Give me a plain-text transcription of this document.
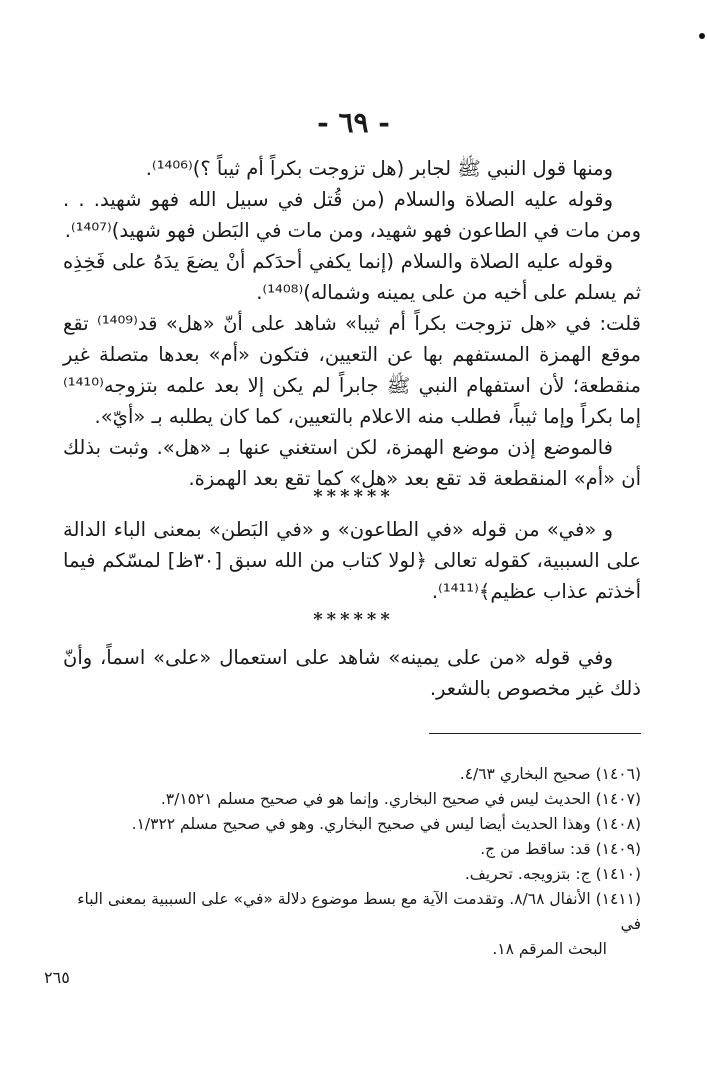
- ٦٩ -

ومنها قول النبي ﷺ لجابر (هل تزوجت بكراً أم ثيباً ؟)⁽¹⁴⁰⁶⁾.

وقوله عليه الصلاة والسلام (من قُتل في سبيل الله فهو شهيد. . . ومن مات في الطاعون فهو شهيد، ومن مات في البَطن فهو شهيد)⁽¹⁴⁰⁷⁾.

وقوله عليه الصلاة والسلام (إنما يكفي أحدَكم أنْ يضعَ يدَهُ على فَخِذِه ثم يسلم على أخيه من على يمينه وشماله)⁽¹⁴⁰⁸⁾.

قلت: في «هل تزوجت بكراً أم ثيبا» شاهد على أنّ «هل» قد⁽¹⁴⁰⁹⁾ تقع موقع الهمزة المستفهم بها عن التعيين، فتكون «أم» بعدها متصلة غير منقطعة؛ لأن استفهام النبي ﷺ جابراً لم يكن إلا بعد علمه بتزوجه⁽¹⁴¹⁰⁾ إما بكراً وإما ثيباً، فطلب منه الاعلام بالتعيين، كما كان يطلبه بـ «أيّ».

فالموضع إذن موضع الهمزة، لكن استغني عنها بـ «هل». وثبت بذلك أن «أم» المنقطعة قد تقع بعد «هل» كما تقع بعد الهمزة.

******

و «في» من قوله «في الطاعون» و «في البَطن» بمعنى الباء الدالة على السببية، كقوله تعالى ﴿لولا كتاب من الله سبق [٣٠ظ] لمسّكم فيما أخذتم عذاب عظيم﴾⁽¹⁴¹¹⁾.

******

وفي قوله «من على يمينه» شاهد على استعمال «على» اسماً، وأنّ ذلك غير مخصوص بالشعر.

(١٤٠٦) صحيح البخاري ٤/٦٣.

(١٤٠٧) الحديث ليس في صحيح البخاري. وإنما هو في صحيح مسلم ٣/١٥٢١.

(١٤٠٨) وهذا الحديث أيضا ليس في صحيح البخاري. وهو في صحيح مسلم ١/٣٢٢.

(١٤٠٩) قد: ساقط من ج.

(١٤١٠) ج: بتزويجه. تحريف.

(١٤١١) الأنفال ٨/٦٨. وتقدمت الآية مع بسط موضوع دلالة «في» على السببية بمعنى الباء في

البحث المرقم ١٨.

٢٦٥
